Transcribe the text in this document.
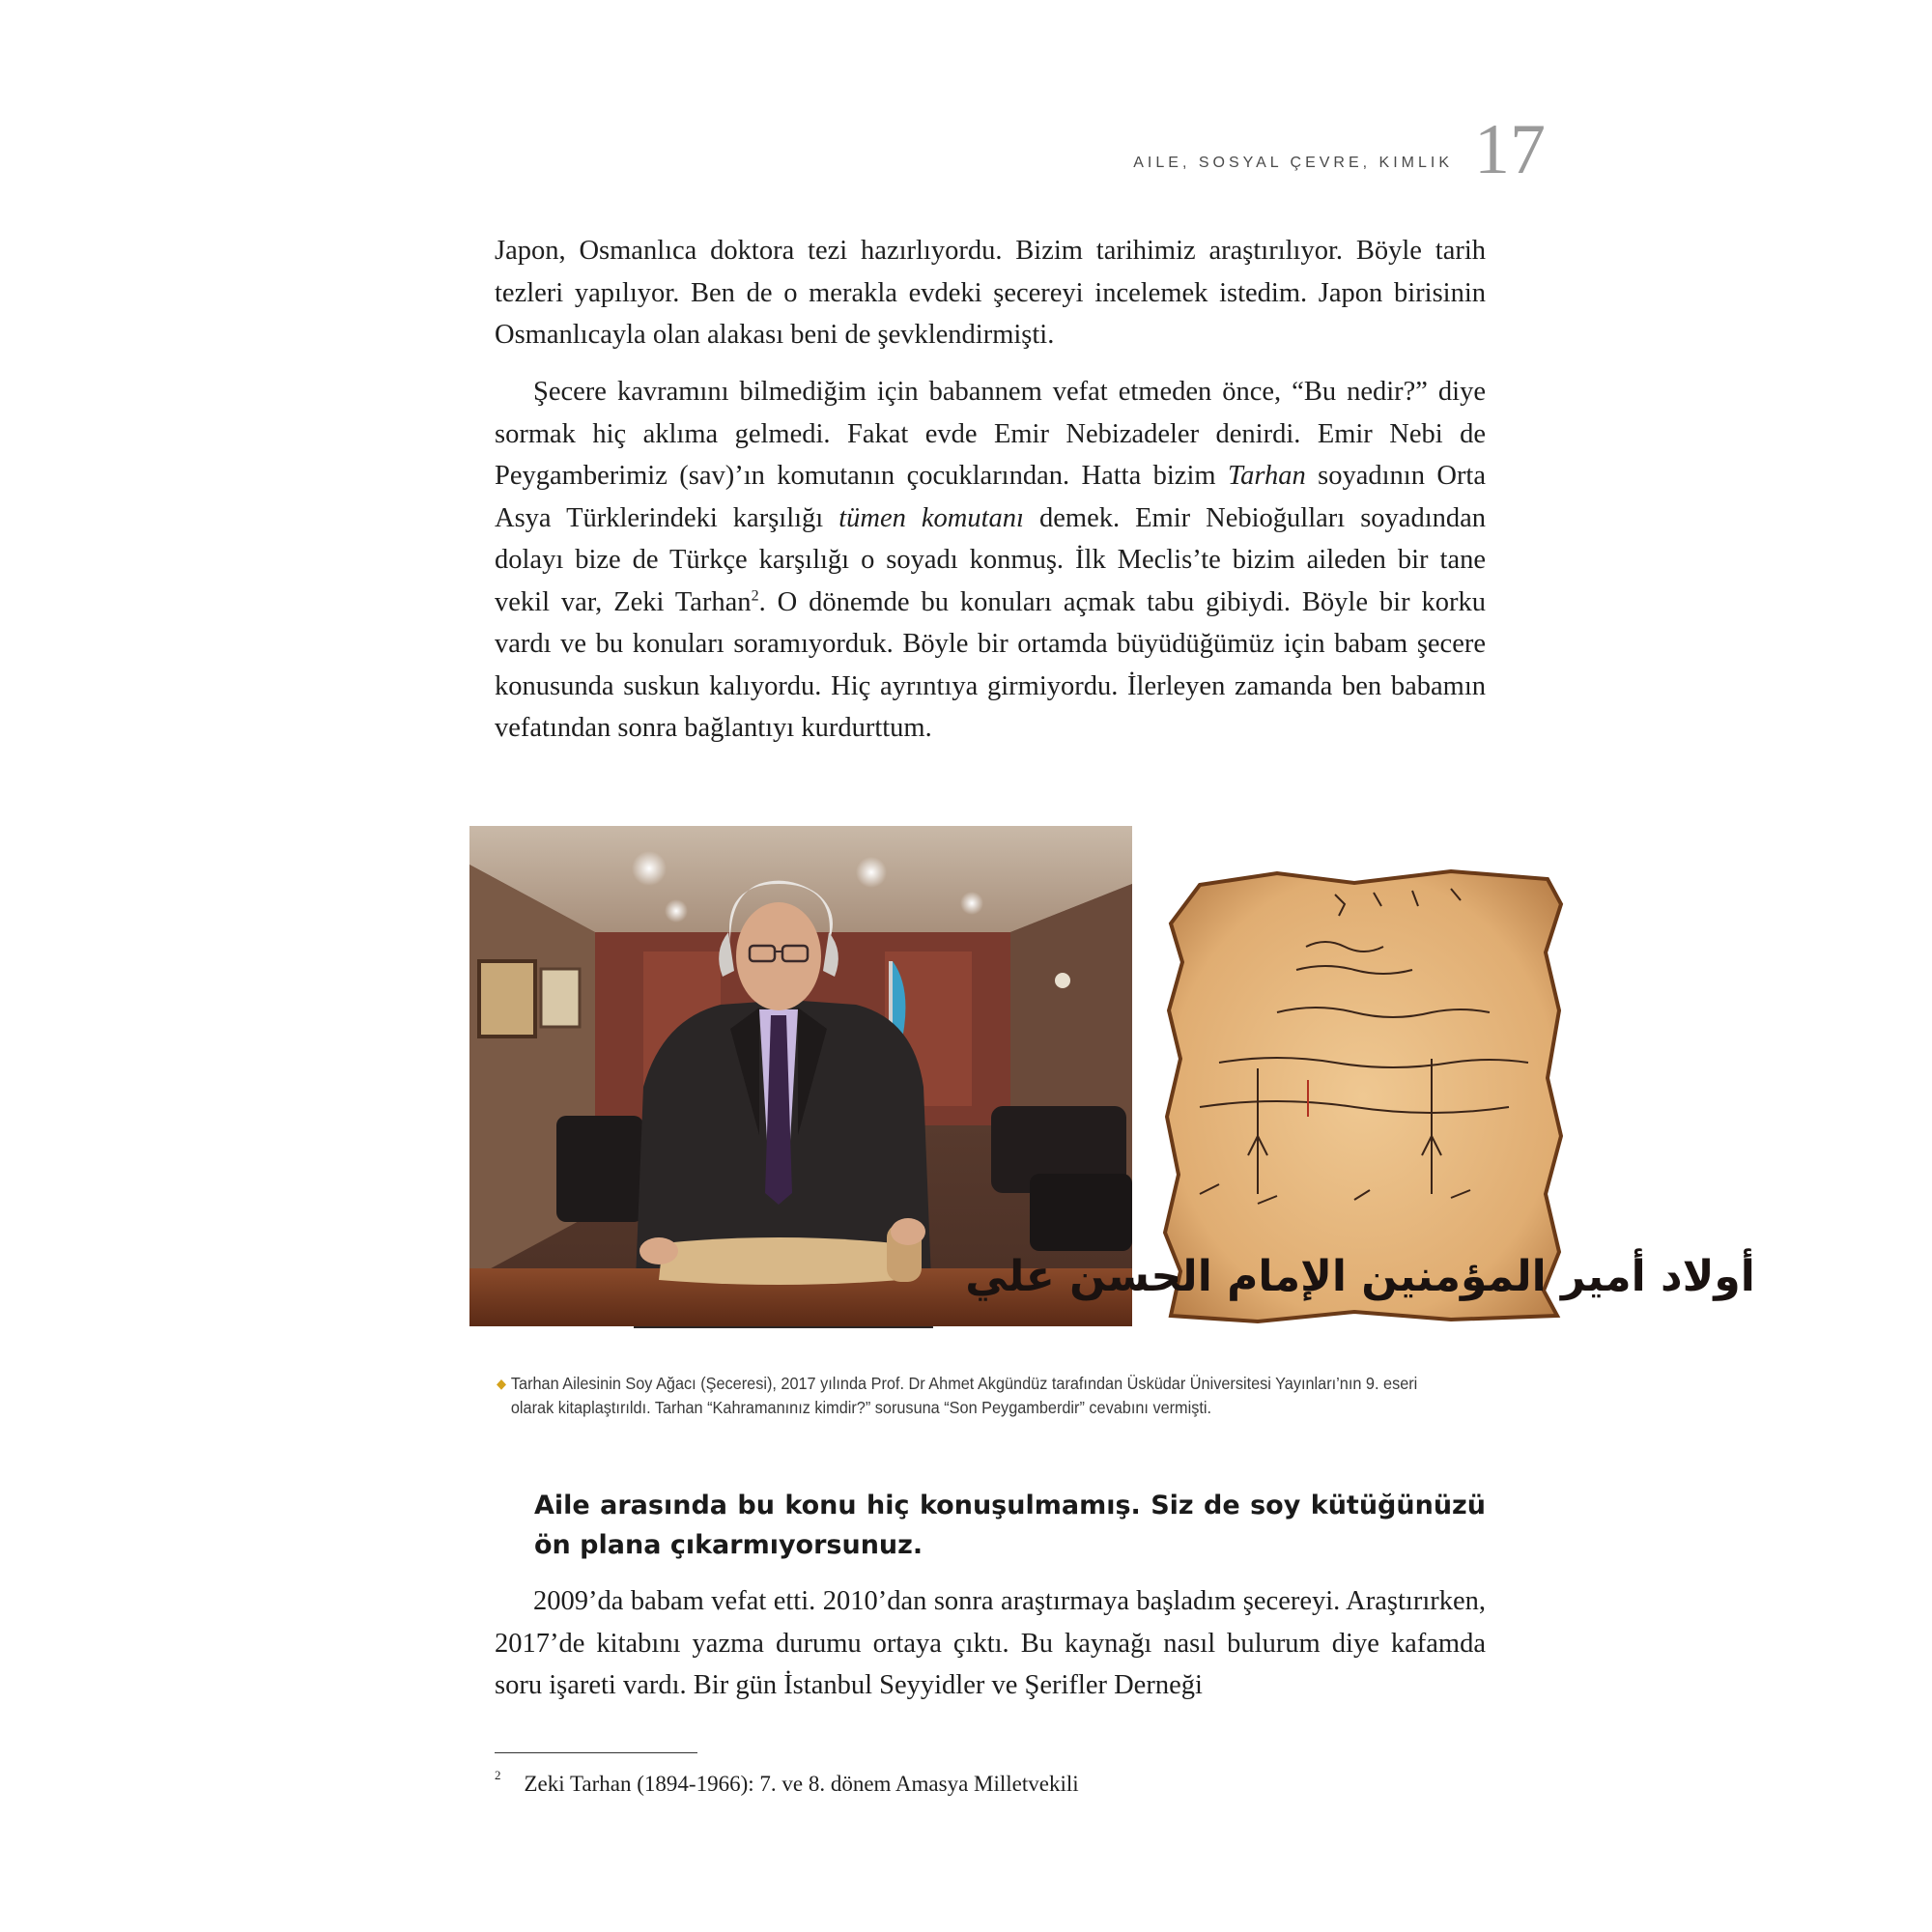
AILE, SOSYAL ÇEVRE, KIMLIK 17

Japon, Osmanlıca doktora tezi hazırlıyordu. Bizim tarihimiz araştırılıyor. Böyle tarih tezleri yapılıyor. Ben de o merakla evdeki şecereyi incelemek istedim. Japon birisinin Osmanlıcayla olan alakası beni de şevklendirmişti.

Şecere kavramını bilmediğim için babannem vefat etmeden önce, “Bu nedir?” diye sormak hiç aklıma gelmedi. Fakat evde Emir Nebizadeler denirdi. Emir Nebi de Peygamberimiz (sav)’ın komutanın çocuklarından. Hatta bizim Tarhan soyadının Orta Asya Türklerindeki karşılığı tümen komutanı demek. Emir Nebioğulları soyadından dolayı bize de Türkçe karşılığı o soyadı konmuş. İlk Meclis’te bizim aileden bir tane vekil var, Zeki Tarhan$^2$. O dönemde bu konuları açmak tabu gibiydi. Böyle bir korku vardı ve bu konuları soramıyorduk. Böyle bir ortamda büyüdüğümüz için babam şecere konusunda suskun kalıyordu. Hiç ayrıntıya girmiyordu. İlerleyen zamanda ben babamın vefatından sonra bağlantıyı kurdurttum.

أولاد أمير المؤمنين الإمام الحسن علي
◆ Tarhan Ailesinin Soy Ağacı (Şeceresi), 2017 yılında Prof. Dr Ahmet Akgündüz tarafından Üsküdar Üniversitesi Yayınları’nın 9. eseri olarak kitaplaştırıldı. Tarhan “Kahramanınız kimdir?” sorusuna “Son Peygamberdir” cevabını vermişti.
Aile arasında bu konu hiç konuşulmamış. Siz de soy kütüğünüzü ön plana çıkarmıyorsunuz.

2009’da babam vefat etti. 2010’dan sonra araştırmaya başladım şecereyi. Araştırırken, 2017’de kitabını yazma durumu ortaya çıktı. Bu kaynağı nasıl bulurum diye kafamda soru işareti vardı. Bir gün İstanbul Seyyidler ve Şerifler Derneği

$^2$ Zeki Tarhan (1894-1966): 7. ve 8. dönem Amasya Milletvekili
